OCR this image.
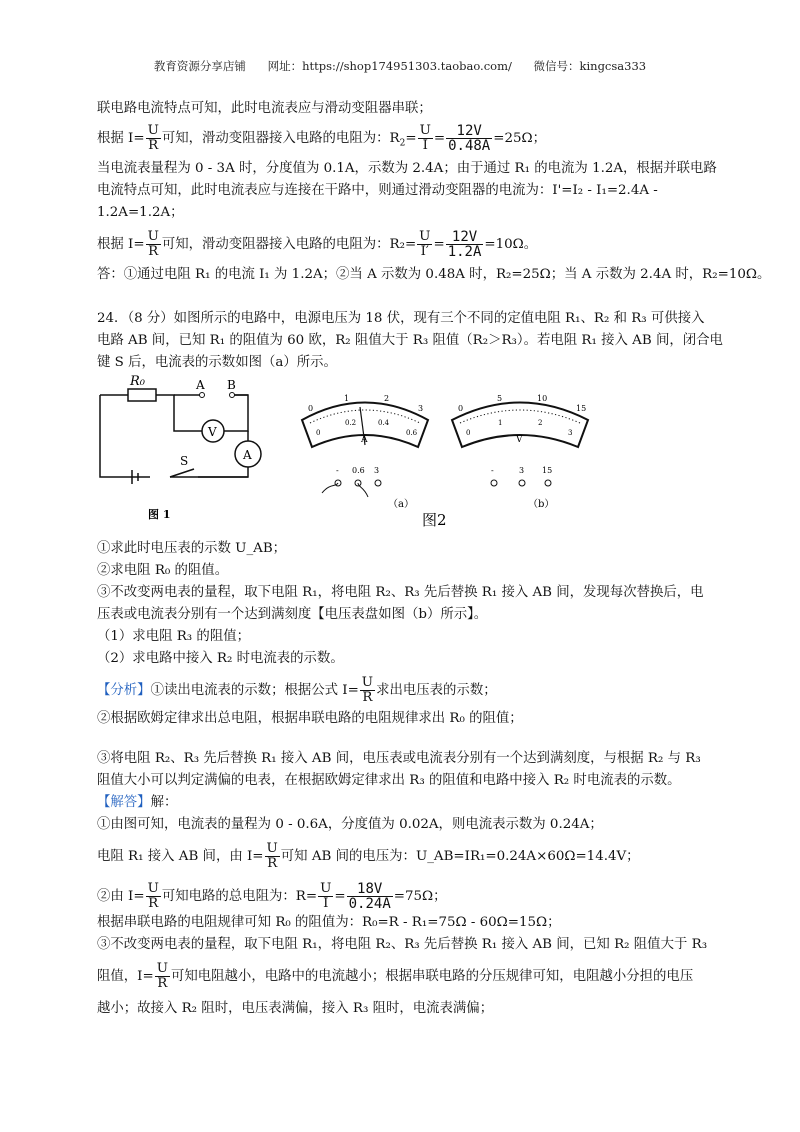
教育资源分享店铺 网址：https://shop174951303.taobao.com/ 微信号：kingcsa333
联电路电流特点可知，此时电流表应与滑动变阻器串联；
根据 $I= \frac{U}{R}$ 可知，滑动变阻器接入电路的电阻为：$R_2= \frac{U}{I} = \frac{12V}{0.48A} =25\Omega$；
当电流表量程为 0 - 3A 时，分度值为 0.1A，示数为 2.4A；由于通过 R₁ 的电流为 1.2A，根据并联电路
电流特点可知，此时电流表应与连接在干路中，则通过滑动变阻器的电流为：I'=I₂ - I₁=2.4A -
1.2A=1.2A；
根据 $I= \frac{U}{R}$ 可知，滑动变阻器接入电路的电阻为：$R_2= \frac{U}{I'} = \frac{12V}{1.2A} =10\Omega$。
答：①通过电阻 R₁ 的电流 I₁ 为 1.2A；②当 A 示数为 0.48A 时，R₂=25Ω；当 A 示数为 2.4A 时，R₂=10Ω。
24．（8 分）如图所示的电路中，电源电压为 18 伏，现有三个不同的定值电阻 R₁、R₂ 和 R₃ 可供接入
电路 AB 间，已知 R₁ 的阻值为 60 欧，R₂ 阻值大于 R₃ 阻值（R₂＞R₃）。若电阻 R₁ 接入 AB 间，闭合电
键 S 后，电流表的示数如图（a）所示。
R₀	A B
V
A
S
图 1
0
1	2
3
0
0.2	0.4
0.6
A
- 0.6 3
（a）
图2
0
5	10
15
0
1	2
3
V
-	3 15
（b）
①求此时电压表的示数 U_AB；
②求电阻 R₀ 的阻值。
③不改变两电表的量程，取下电阻 R₁，将电阻 R₂、R₃ 先后替换 R₁ 接入 AB 间，发现每次替换后，电
压表或电流表分别有一个达到满刻度【电压表盘如图（b）所示】。
（1）求电阻 R₃ 的阻值；
（2）求电路中接入 R₂ 时电流表的示数。
【分析】①读出电流表的示数；根据公式 $I= \frac{U}{R}$ 求出电压表的示数；
②根据欧姆定律求出总电阻，根据串联电路的电阻规律求出 R₀ 的阻值；
③将电阻 R₂、R₃ 先后替换 R₁ 接入 AB 间，电压表或电流表分别有一个达到满刻度，与根据 R₂ 与 R₃
阻值大小可以判定满偏的电表，在根据欧姆定律求出 R₃ 的阻值和电路中接入 R₂ 时电流表的示数。
【解答】解：
①由图可知，电流表的量程为 0 - 0.6A，分度值为 0.02A，则电流表示数为 0.24A；
电阻 R₁ 接入 AB 间，由 $I= \frac{U}{R}$ 可知 AB 间的电压为：U_AB=IR₁=0.24A×60Ω=14.4V；
②由 $I= \frac{U}{R}$ 可知电路的总电阻为：$R= \frac{U}{I} = \frac{18V}{0.24A} =75\Omega$；
根据串联电路的电阻规律可知 R₀ 的阻值为：R₀=R - R₁=75Ω - 60Ω=15Ω；
③不改变两电表的量程，取下电阻 R₁，将电阻 R₂、R₃ 先后替换 R₁ 接入 AB 间，已知 R₂ 阻值大于 R₃
阻值，$I= \frac{U}{R}$ 可知电阻越小，电路中的电流越小；根据串联电路的分压规律可知，电阻越小分担的电压
越小；故接入 R₂ 阻时，电压表满偏，接入 R₃ 阻时，电流表满偏；
